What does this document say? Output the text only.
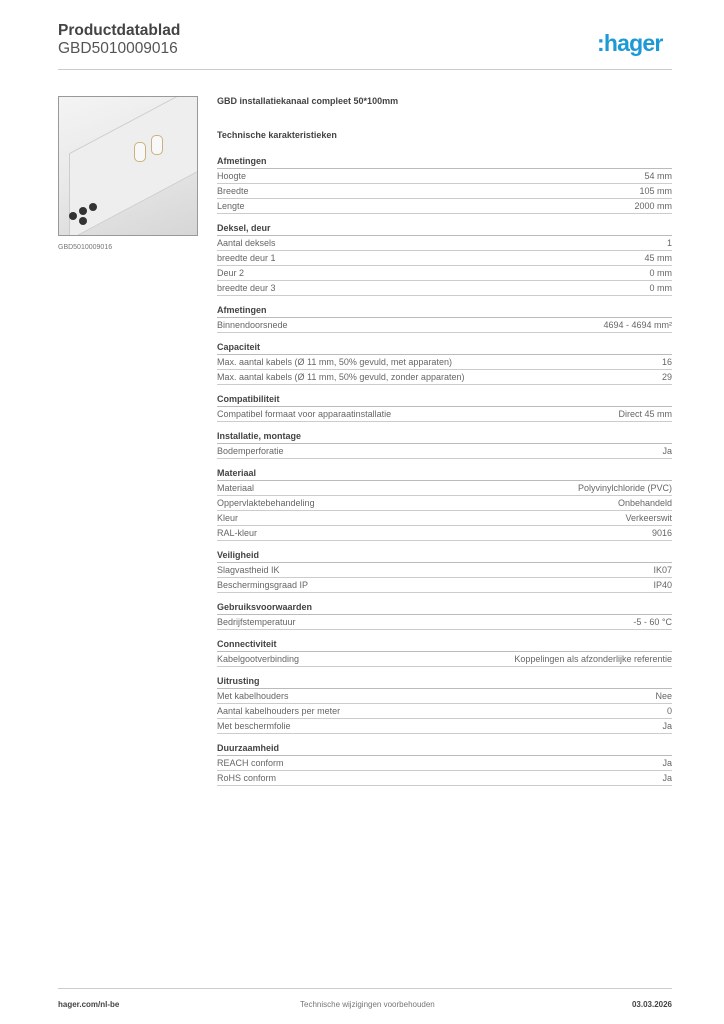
Productdatablad
GBD5010009016	:hager
GBD5010009016
GBD installatiekanaal compleet 50*100mm
Technische karakteristieken
Afmetingen
Hoogte	54 mm
Breedte	105 mm
Lengte	2000 mm
Deksel, deur
Aantal deksels	1
breedte deur 1	45 mm
Deur 2	0 mm
breedte deur 3	0 mm
Afmetingen
Binnendoorsnede	4694 - 4694 mm²
Capaciteit
Max. aantal kabels (Ø 11 mm, 50% gevuld, met apparaten)	16
Max. aantal kabels (Ø 11 mm, 50% gevuld, zonder apparaten)	29
Compatibiliteit
Compatibel formaat voor apparaatinstallatie	Direct 45 mm
Installatie, montage
Bodemperforatie	Ja
Materiaal
Materiaal	Polyvinylchloride (PVC)
Oppervlaktebehandeling	Onbehandeld
Kleur	Verkeerswit
RAL-kleur	9016
Veiligheid
Slagvastheid IK	IK07
Beschermingsgraad IP	IP40
Gebruiksvoorwaarden
Bedrijfstemperatuur	-5 - 60 °C
Connectiviteit
Kabelgootverbinding	Koppelingen als afzonderlijke referentie
Uitrusting
Met kabelhouders	Nee
Aantal kabelhouders per meter	0
Met beschermfolie	Ja
Duurzaamheid
REACH conform	Ja
RoHS conform	Ja
hager.com/nl-be	Technische wijzigingen voorbehouden	03.03.2026
